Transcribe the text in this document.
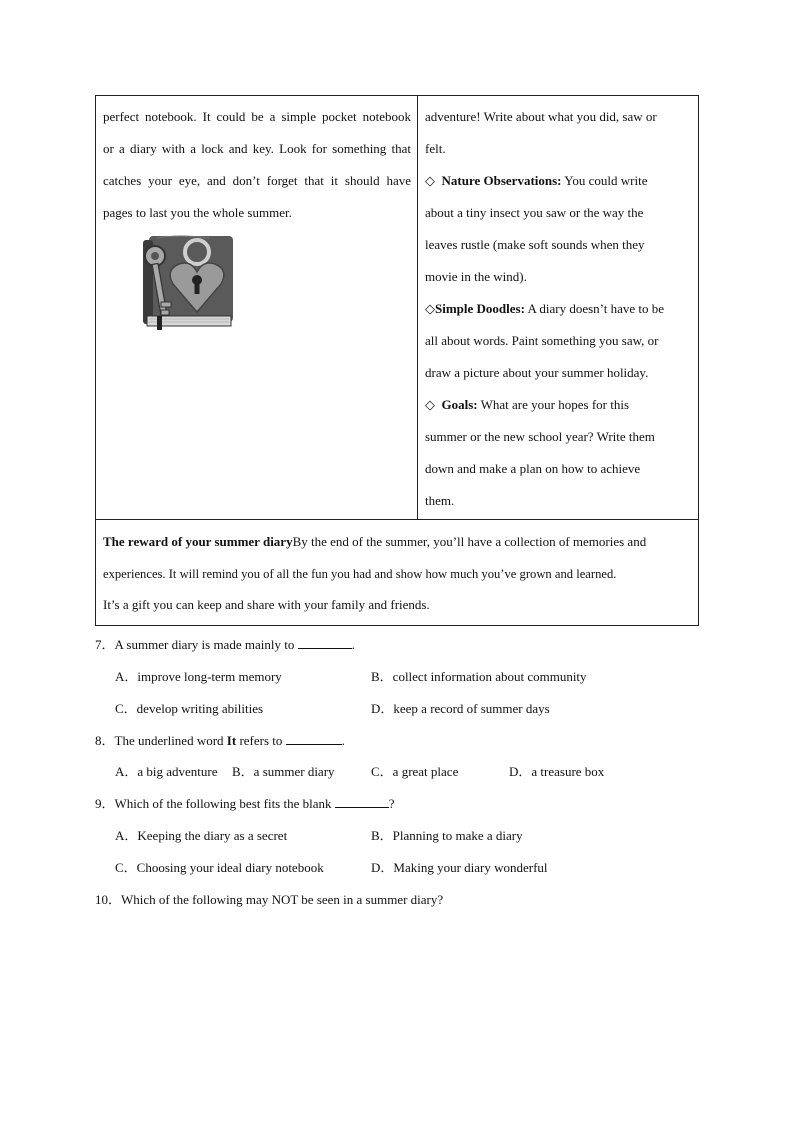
perfect notebook. It could be a simple pocket notebook
or a diary with a lock and key. Look for something that
catches your eye, and don’t forget that it should have
pages to last you the whole summer.
adventure! Write about what you did, saw or
felt.
◇ Nature Observations: You could write
about a tiny insect you saw or the way the
leaves rustle (make soft sounds when they
movie in the wind).
◇Simple Doodles: A diary doesn’t have to be
all about words. Paint something you saw, or
draw a picture about your summer holiday.
◇ Goals: What are your hopes for this
summer or the new school year? Write them
down and make a plan on how to achieve
them.
The reward of your summer diaryBy the end of the summer, you’ll have a collection of memories and
experiences. It will remind you of all the fun you had and show how much you’ve grown and learned.
It’s a gift you can keep and share with your family and friends.
7．A summer diary is made mainly to	.
A．improve long-term memory	B．collect information about community
C．develop writing abilities	D．keep a record of summer days
8．The underlined word It refers to	.
A．a big adventure B．a summer diary	C．a great place	D．a treasure box
9．Which of the following best fits the blank	?
A．Keeping the diary as a secret	B．Planning to make a diary
C．Choosing your ideal diary notebook	D．Making your diary wonderful
10．Which of the following may NOT be seen in a summer diary?
